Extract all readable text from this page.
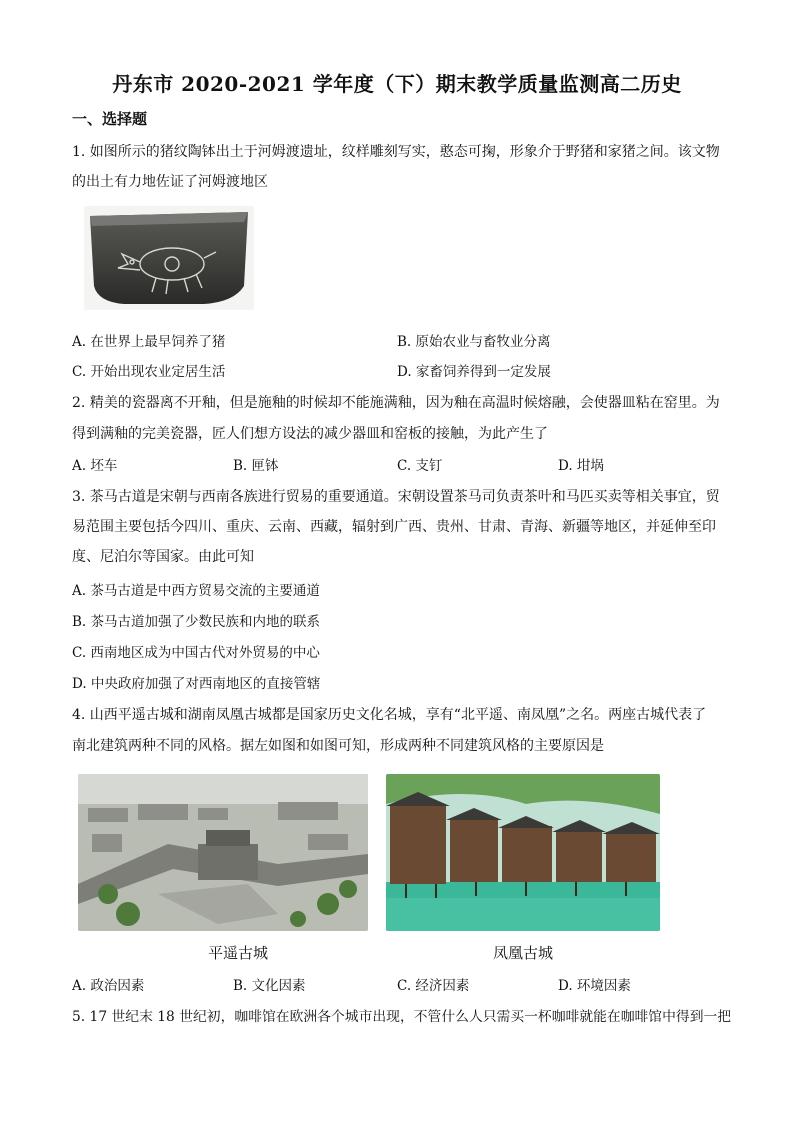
丹东市 2020-2021 学年度（下）期末教学质量监测高二历史
一、选择题
1. 如图所示的猪纹陶钵出土于河姆渡遗址，纹样雕刻写实，憨态可掬，形象介于野猪和家猪之间。该文物
的出土有力地佐证了河姆渡地区
A. 在世界上最早饲养了猪	B. 原始农业与畜牧业分离
C. 开始出现农业定居生活	D. 家畜饲养得到一定发展
2. 精美的瓷器离不开釉，但是施釉的时候却不能施满釉，因为釉在高温时候熔融，会使器皿粘在窑里。为
得到满釉的完美瓷器，匠人们想方设法的减少器皿和窑板的接触，为此产生了
A. 坯车	B. 匣钵	C. 支钉	D. 坩埚
3. 茶马古道是宋朝与西南各族进行贸易的重要通道。宋朝设置茶马司负责茶叶和马匹买卖等相关事宜，贸
易范围主要包括今四川、重庆、云南、西藏，辐射到广西、贵州、甘肃、青海、新疆等地区，并延伸至印
度、尼泊尔等国家。由此可知
A. 茶马古道是中西方贸易交流的主要通道
B. 茶马古道加强了少数民族和内地的联系
C. 西南地区成为中国古代对外贸易的中心
D. 中央政府加强了对西南地区的直接管辖
4. 山西平遥古城和湖南凤凰古城都是国家历史文化名城，享有“北平遥、南凤凰”之名。两座古城代表了
南北建筑两种不同的风格。据左如图和如图可知，形成两种不同建筑风格的主要原因是
平遥古城	凤凰古城
A. 政治因素	B. 文化因素	C. 经济因素	D. 环境因素
5. 17 世纪末 18 世纪初，咖啡馆在欧洲各个城市出现，不管什么人只需买一杯咖啡就能在咖啡馆中得到一把
